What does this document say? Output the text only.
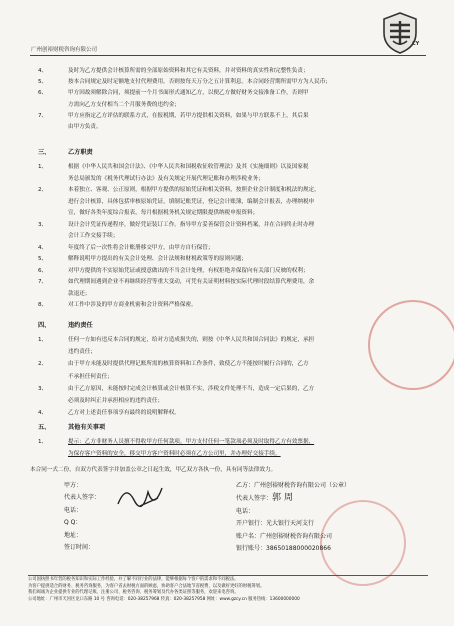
广州创裕财税咨询有限公司
CY
4、	及时为乙方提供会计核算所需的全部原始资料和其它有关资料，并对资料的真实性和完整性负责；
5、	按本合同规定及时足额地支付代理费用。否则按每天万分之五计算利息。本合同经营期所需甲方为人民币；
6、	甲方因故须解除合同，须提前一个月书面形式通知乙方，以便乙方做好财务交接准备工作，否则甲
方需向乙方支付相当二个月服务费的违约金；
7、	甲方应指定乙方评估的联系方式，在报税期，若甲方提供相关资料，如果与甲方联系不上，其后果
由甲方负责。
三、	乙方职责
1、	根据《中华人民共和国会计法》、《中华人民共和国税收征收管理法》及其《实施细则》以及国家税
务总局颁发的《税务代理试行办法》及有关规定开展代理记账和办理涉税业务；
2、	本着独立、客观、公正原则，根据甲方提供的原始凭证和相关资料，按照企业会计制度和税法的规定，
进行会计核算，具体包括审核原始凭证，填制记账凭证，登记会计账簿，编制会计报表，办理纳税申
宣，做好各类年度综合报表，每月根据税务机关规定期限提供纳税申报资料；
3、	设计会计凭证传递程序，做好凭证装订工作。指导甲方妥善保管会计资料档案，并在合同终止时办理
会计工作交接手续；
4、	年度终了后一次性将会计账册移交甲方，由甲方自行保管；
5、	解释说明甲方提出的有关会计处理、会计法规和财税政策等的原则问题；
6、	对甲方提供的不实原始凭证或授意做出的不当会计处理，有权拒绝并保留向有关部门反映的权利；
7、	如代理期间遇到企业不再继续经营等重大变动，可凭有关证明材料按实际代理时段结算代理费用，余
款退还；
8、	对工作中涉及的甲方商业机密和会计资料严格保密。
四、	违约责任
1、	任何一方如有违反本合同的规定，给对方造成损失的，则按《中华人民共和国合同法》的规定，承担
违约责任；
2、	由于甲方未能及时提供代理记账所需的核算资料和工作条件，致使乙方不能按时履行合同的，乙方
不承担任何责任；
3、	由于乙方原因，未能按时完成会计核算或会计核算不实，涉税文件处理不当，造成一定后果的，乙方
必须及时纠正并承担相应的违约责任；
4、	乙方对上述责任事项享有最终的说明解释权。
五、	其他有关事项
1、	提示：乙方非财务人员擅不得收甲方任何款项。甲方支付任何一笔款项必须及时取得乙方有效票据，
为保存客户资料的安全，移交甲方客户资料时必须在乙方公司里，并办理好交接手续。
本合同一式二份，自双方代表签字并加盖公章之日起生效，甲乙双方各执一份，具有同等法律效力。
甲方：
代表人签字：
电话：
Q Q：
地址：
签订时间：
乙方：广州创裕财税咨询有限公司（公章）
代表人签字：郭 周
电话：
开户银行：光大银行天河支行
账户名：广州创裕财税咨询有限公司
银行账号：38650188000020866
公司国执照书年营的税务知识和实际工作经验，并了解不同行业的法律，能够根据每个客户的需求和不同税法。
为客户提供适合的财务、税务咨询服务，为客户省去财税方面的顾虑，协助客户合法地节省税费，以及做好更好的财税筹划。
我们竭诚为企业提供专业的代理记账、注册公司、税务咨询、税务筹划及代办各类证照等服务，欢迎来电咨询。
公司地址：广州市天河区龙口东路 10 号 咨询电话：020-38257968 传真：020-38257958 网址：www.gzcy.cn 服务热线：13600000000
